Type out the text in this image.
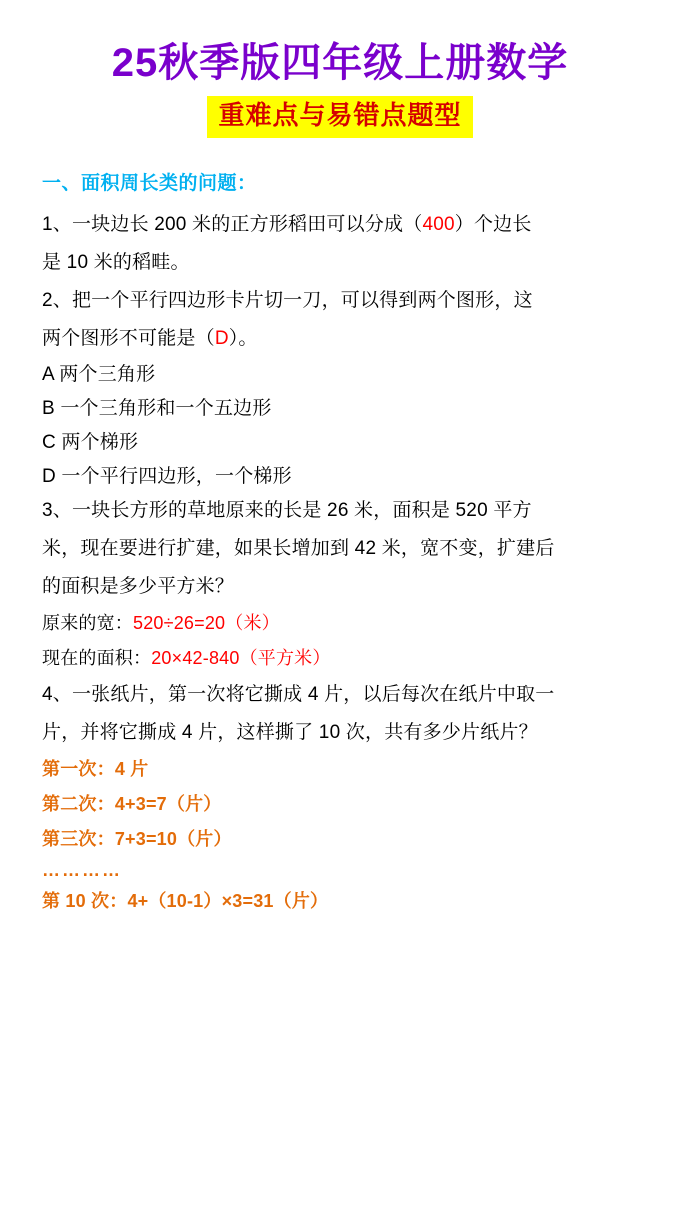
25秋季版四年级上册数学
重难点与易错点题型
一、面积周长类的问题：
1、一块边长 200 米的正方形稻田可以分成（400）个边长
是 10 米的稻畦。
2、把一个平行四边形卡片切一刀，可以得到两个图形，这
两个图形不可能是（D）。
A 两个三角形
B 一个三角形和一个五边形
C 两个梯形
D 一个平行四边形，一个梯形
3、一块长方形的草地原来的长是 26 米，面积是 520 平方
米，现在要进行扩建，如果长增加到 42 米，宽不变，扩建后
的面积是多少平方米？
原来的宽：520÷26=20（米）
现在的面积：20×42-840（平方米）
4、一张纸片，第一次将它撕成 4 片，以后每次在纸片中取一
片，并将它撕成 4 片，这样撕了 10 次，共有多少片纸片？
第一次：4 片
第二次：4+3=7（片）
第三次：7+3=10（片）
…………
第 10 次：4+（10-1）×3=31（片）
